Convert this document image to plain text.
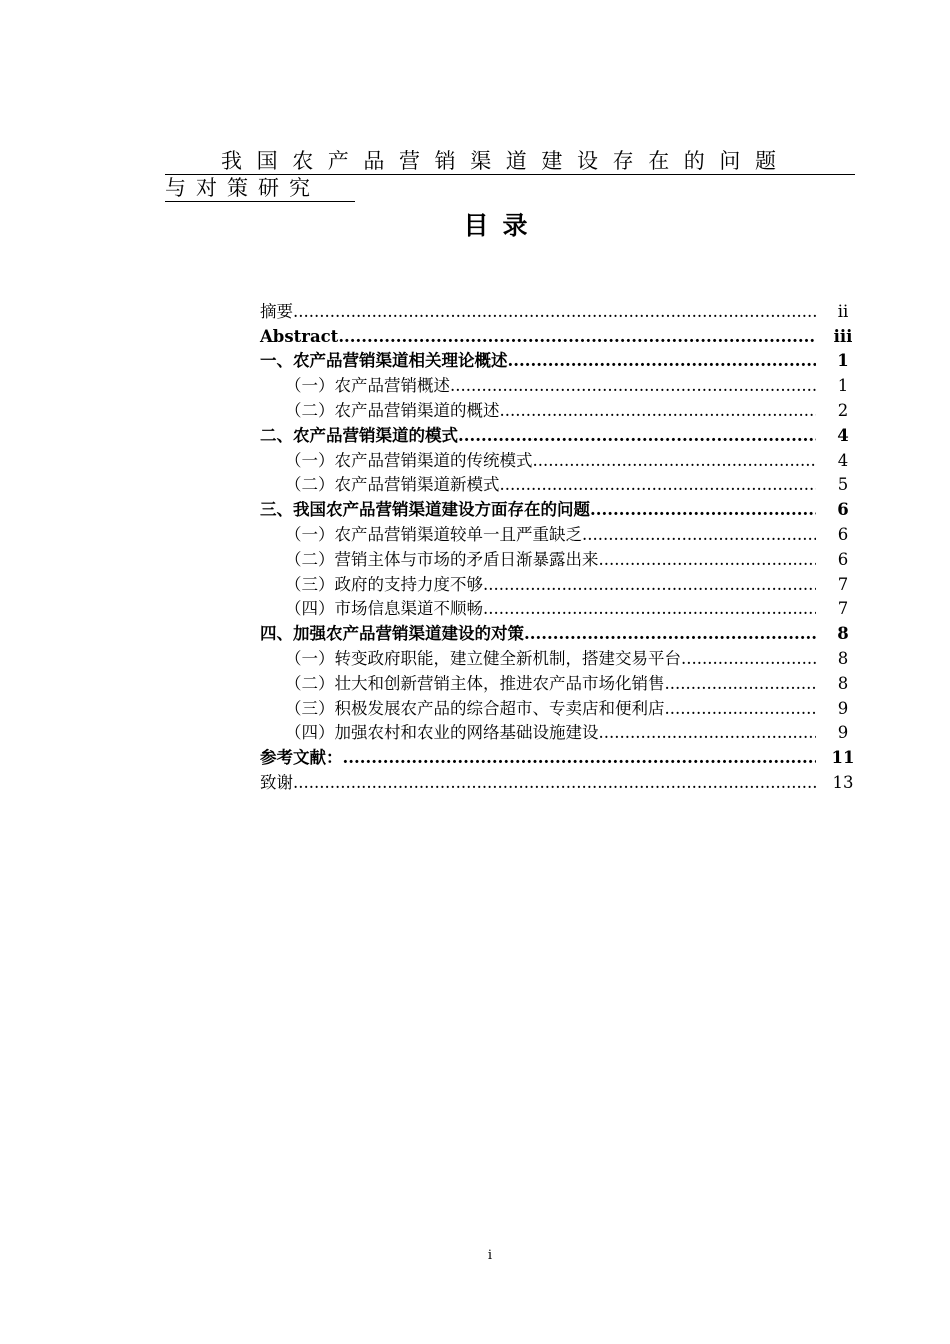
我国农产品营销渠道建设存在的问题
与对策研究
目录
摘要 .....	ii
Abstract .....	iii
一、农产品营销渠道相关理论概述 .....	1
（一）农产品营销概述 .....	1
（二）农产品营销渠道的概述 .....	2
二、农产品营销渠道的模式 .....	4
（一）农产品营销渠道的传统模式 .....	4
（二）农产品营销渠道新模式 .....	5
三、我国农产品营销渠道建设方面存在的问题 .....	6
（一）农产品营销渠道较单一且严重缺乏 .....	6
（二）营销主体与市场的矛盾日渐暴露出来 .....	6
（三）政府的支持力度不够 .....	7
（四）市场信息渠道不顺畅 .....	7
四、加强农产品营销渠道建设的对策 .....	8
（一）转变政府职能，建立健全新机制，搭建交易平台 .....	8
（二）壮大和创新营销主体，推进农产品市场化销售 .....	8
（三）积极发展农产品的综合超市、专卖店和便利店 .....	9
（四）加强农村和农业的网络基础设施建设 .....	9
参考文献： .....	11
致谢 .....	13
i
